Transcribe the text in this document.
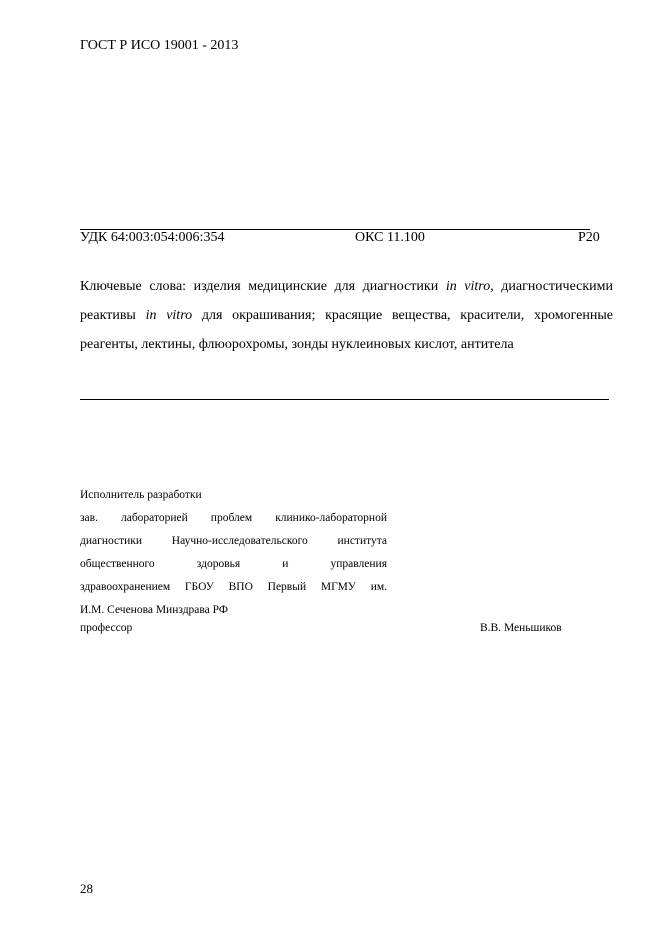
ГОСТ Р ИСО 19001 - 2013
УДК 64:003:054:006:354	ОКС 11.100	Р20
Ключевые слова: изделия медицинские для диагностики in vitro, диагностическими реактивы in vitro для окрашивания; красящие вещества, красители, хромогенные реагенты, лектины, флюорохромы, зонды нуклеиновых кислот, антитела
Исполнитель разработки
зав. лабораторией проблем клинико-лабораторной
диагностики Научно-исследовательского института
общественного здоровья и управления
здравоохранением ГБОУ ВПО Первый МГМУ им.
И.М. Сеченова Минздрава РФ
профессор	В.В. Меньшиков
28
